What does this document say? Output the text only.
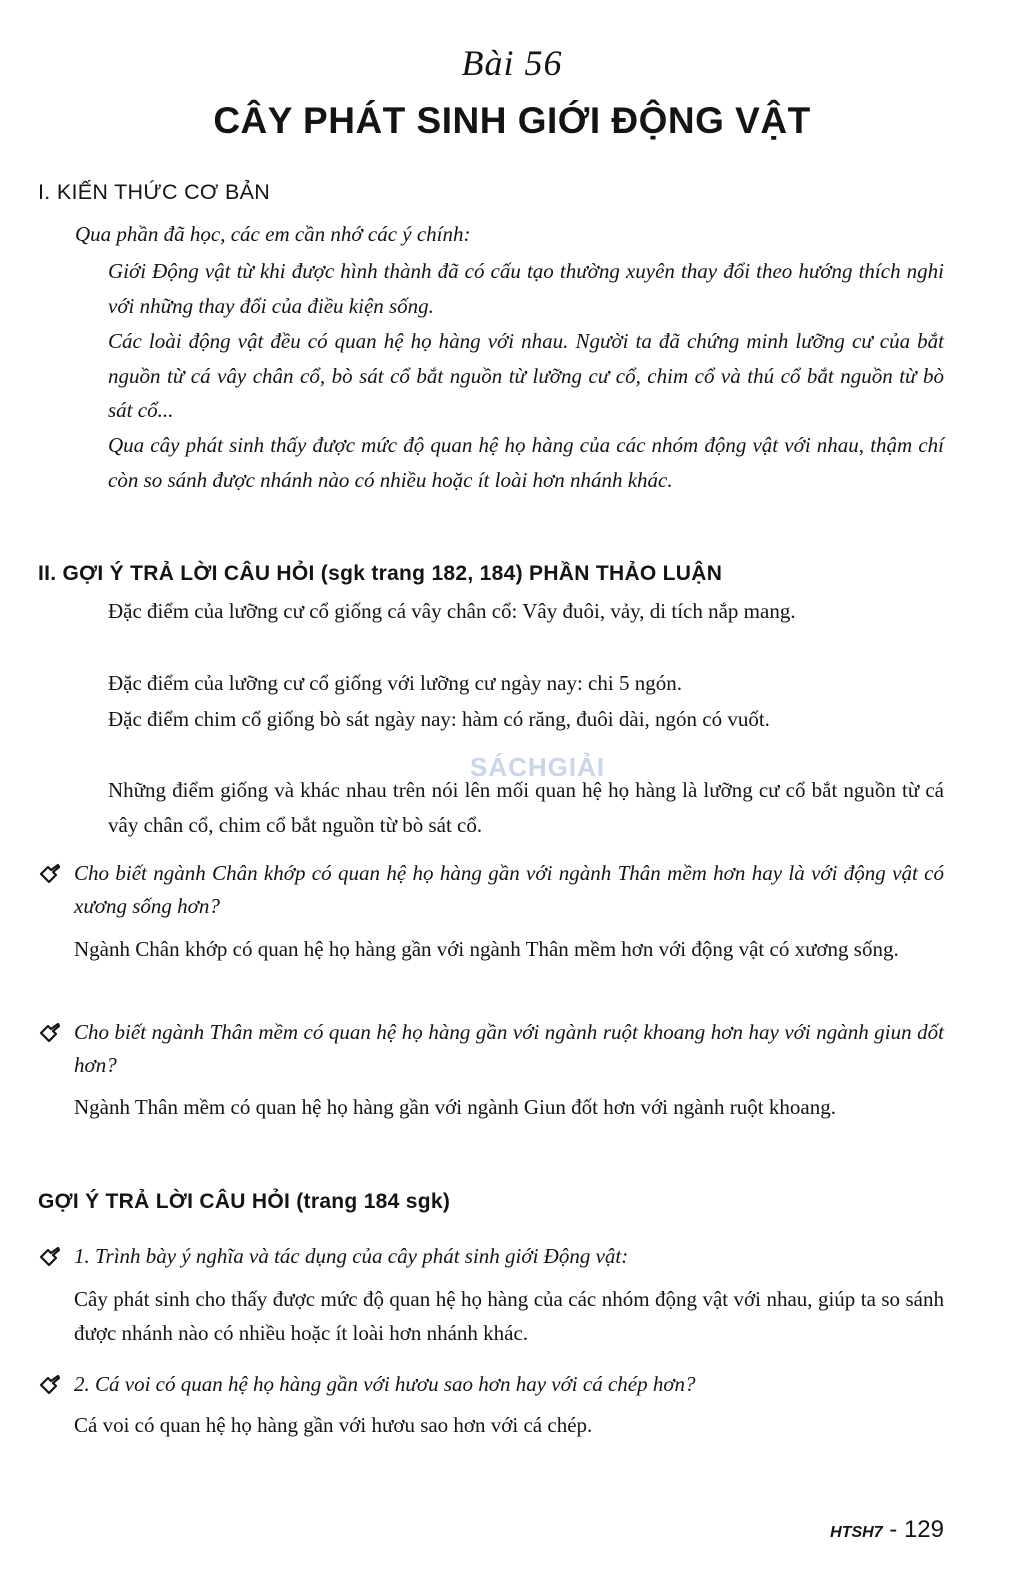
Bài 56
CÂY PHÁT SINH GIỚI ĐỘNG VẬT
I. KIẾN THỨC CƠ BẢN
Qua phần đã học, các em cần nhớ các ý chính:
Giới Động vật từ khi được hình thành đã có cấu tạo thường xuyên thay đổi theo hướng thích nghi với những thay đổi của điều kiện sống.
Các loài động vật đều có quan hệ họ hàng với nhau. Người ta đã chứng minh lưỡng cư của bắt nguồn từ cá vây chân cổ, bò sát cổ bắt nguồn từ lưỡng cư cổ, chim cổ và thú cổ bắt nguồn từ bò sát cổ...
Qua cây phát sinh thấy được mức độ quan hệ họ hàng của các nhóm động vật với nhau, thậm chí còn so sánh được nhánh nào có nhiều hoặc ít loài hơn nhánh khác.
II. GỢI Ý TRẢ LỜI CÂU HỎI (sgk trang 182, 184) PHẦN THẢO LUẬN
Đặc điểm của lưỡng cư cổ giống cá vây chân cổ: Vây đuôi, vảy, di tích nắp mang.
Đặc điểm của lưỡng cư cổ giống với lưỡng cư ngày nay: chi 5 ngón.
Đặc điểm chim cổ giống bò sát ngày nay: hàm có răng, đuôi dài, ngón có vuốt.
Những điểm giống và khác nhau trên nói lên mối quan hệ họ hàng là lưỡng cư cổ bắt nguồn từ cá vây chân cổ, chim cổ bắt nguồn từ bò sát cổ.
SÁCHGIẢI
Cho biết ngành Chân khớp có quan hệ họ hàng gần với ngành Thân mềm hơn hay là với động vật có xương sống hơn?
Ngành Chân khớp có quan hệ họ hàng gần với ngành Thân mềm hơn với động vật có xương sống.
Cho biết ngành Thân mềm có quan hệ họ hàng gần với ngành ruột khoang hơn hay với ngành giun dốt hơn?
Ngành Thân mềm có quan hệ họ hàng gần với ngành Giun đốt hơn với ngành ruột khoang.
GỢI Ý TRẢ LỜI CÂU HỎI (trang 184 sgk)
1. Trình bày ý nghĩa và tác dụng của cây phát sinh giới Động vật:
Cây phát sinh cho thấy được mức độ quan hệ họ hàng của các nhóm động vật với nhau, giúp ta so sánh được nhánh nào có nhiều hoặc ít loài hơn nhánh khác.
2. Cá voi có quan hệ họ hàng gần với hươu sao hơn hay với cá chép hơn?
Cá voi có quan hệ họ hàng gần với hươu sao hơn với cá chép.
HTSH7 - 129
